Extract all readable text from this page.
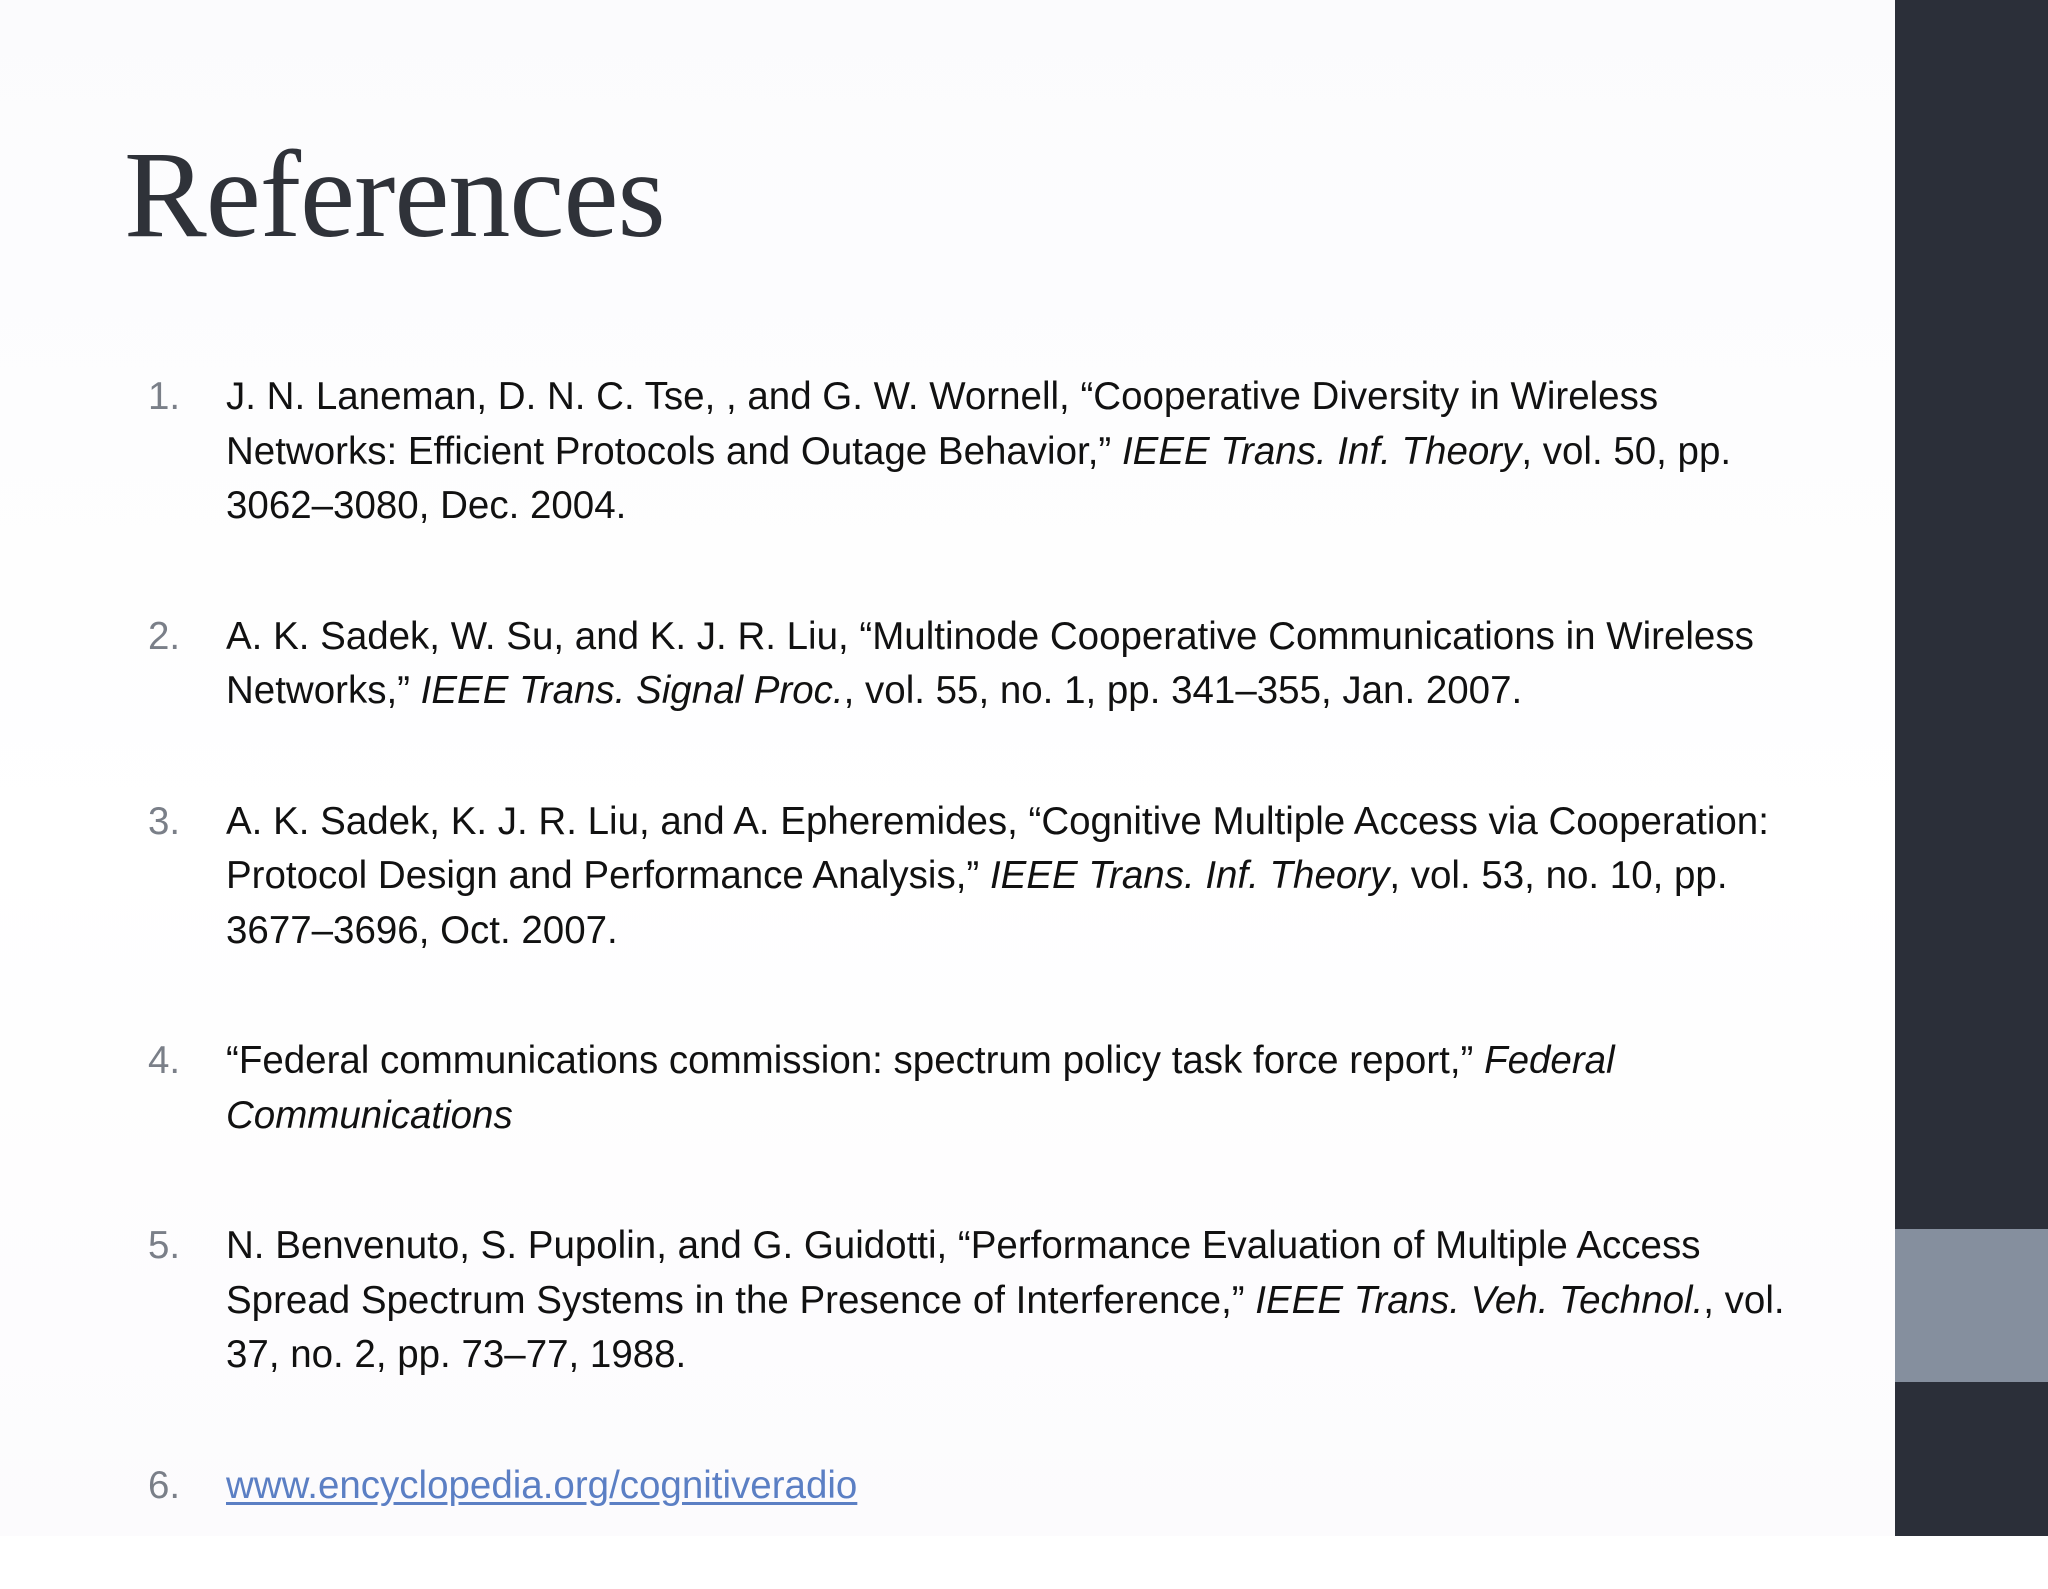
References
1. J. N. Laneman, D. N. C. Tse, , and G. W. Wornell, “Cooperative Diversity in Wireless Networks: Efficient Protocols and Outage Behavior,” IEEE Trans. Inf. Theory, vol. 50, pp. 3062–3080, Dec. 2004.
2. A. K. Sadek, W. Su, and K. J. R. Liu, “Multinode Cooperative Communications in Wireless Networks,” IEEE Trans. Signal Proc., vol. 55, no. 1, pp. 341–355, Jan. 2007.
3. A. K. Sadek, K. J. R. Liu, and A. Epheremides, “Cognitive Multiple Access via Cooperation: Protocol Design and Performance Analysis,” IEEE Trans. Inf. Theory, vol. 53, no. 10, pp. 3677–3696, Oct. 2007.
4. “Federal communications commission: spectrum policy task force report,” Federal Communications
5. N. Benvenuto, S. Pupolin, and G. Guidotti, “Performance Evaluation of Multiple Access Spread Spectrum Systems in the Presence of Interference,” IEEE Trans. Veh. Technol., vol. 37, no. 2, pp. 73–77, 1988.
6. www.encyclopedia.org/cognitiveradio
